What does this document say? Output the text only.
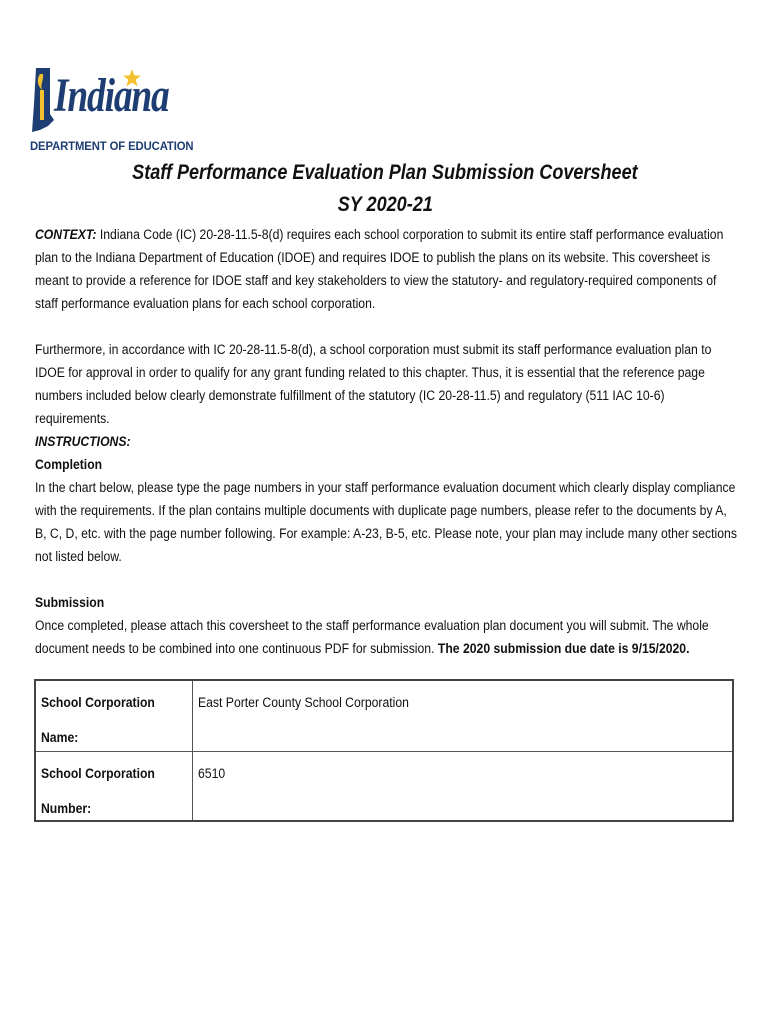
Indiana
DEPARTMENT OF EDUCATION
Staff Performance Evaluation Plan Submission Coversheet
SY 2020-21
CONTEXT: Indiana Code (IC) 20-28-11.5-8(d) requires each school corporation to submit its entire staff performance evaluation plan to the Indiana Department of Education (IDOE) and requires IDOE to publish the plans on its website. This coversheet is meant to provide a reference for IDOE staff and key stakeholders to view the statutory- and regulatory-required components of staff performance evaluation plans for each school corporation.
Furthermore, in accordance with IC 20-28-11.5-8(d), a school corporation must submit its staff performance evaluation plan to IDOE for approval in order to qualify for any grant funding related to this chapter. Thus, it is essential that the reference page numbers included below clearly demonstrate fulfillment of the statutory (IC 20-28-11.5) and regulatory (511 IAC 10-6) requirements.
INSTRUCTIONS:
Completion
In the chart below, please type the page numbers in your staff performance evaluation document which clearly display compliance with the requirements. If the plan contains multiple documents with duplicate page numbers, please refer to the documents by A, B, C, D, etc. with the page number following. For example: A-23, B-5, etc. Please note, your plan may include many other sections not listed below.
Submission
Once completed, please attach this coversheet to the staff performance evaluation plan document you will submit. The whole document needs to be combined into one continuous PDF for submission. The 2020 submission due date is 9/15/2020.
School Corporation
Name:	East Porter County School Corporation

School Corporation
Number:	6510
